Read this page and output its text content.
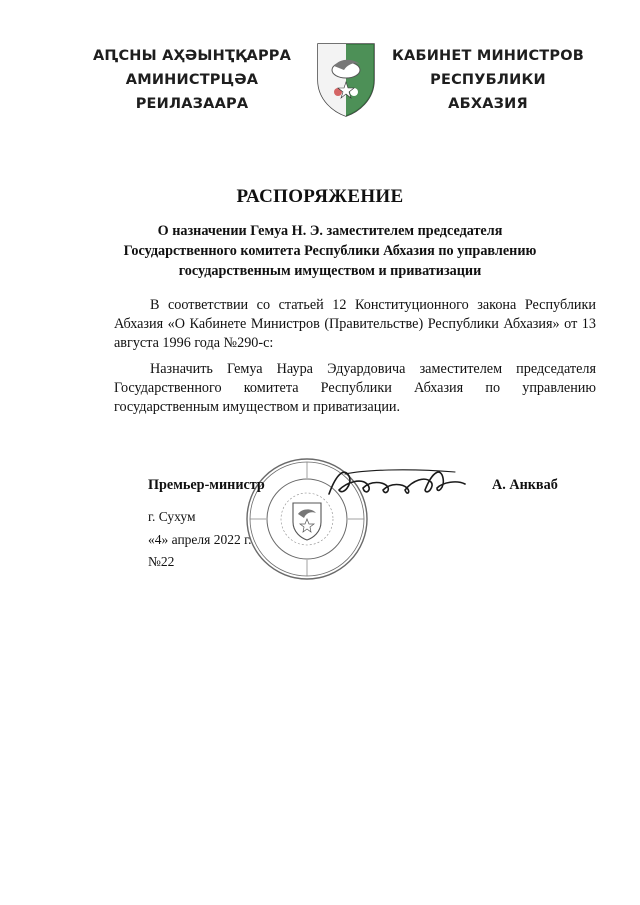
АԤСНЫ АҲӘЫНҬҚАРРА
АМИНИСТРЦӘА РЕИЛАЗААРА
КАБИНЕТ МИНИСТРОВ
РЕСПУБЛИКИ АБХАЗИЯ
РАСПОРЯЖЕНИЕ
О назначении Гемуа Н. Э. заместителем председателя
Государственного комитета Республики Абхазия по управлению
государственным имуществом и приватизации
В соответствии со статьей 12 Конституционного закона Республики Абхазия «О Кабинете Министров (Правительстве) Республики Абхазия» от 13 августа 1996 года №290-с:
Назначить Гемуа Наура Эдуардовича заместителем председателя Государственного комитета Республики Абхазия по управлению государственным имуществом и приватизации.
Премьер-министр	А. Анкваб
г. Сухум
«4» апреля 2022 г.
№22
